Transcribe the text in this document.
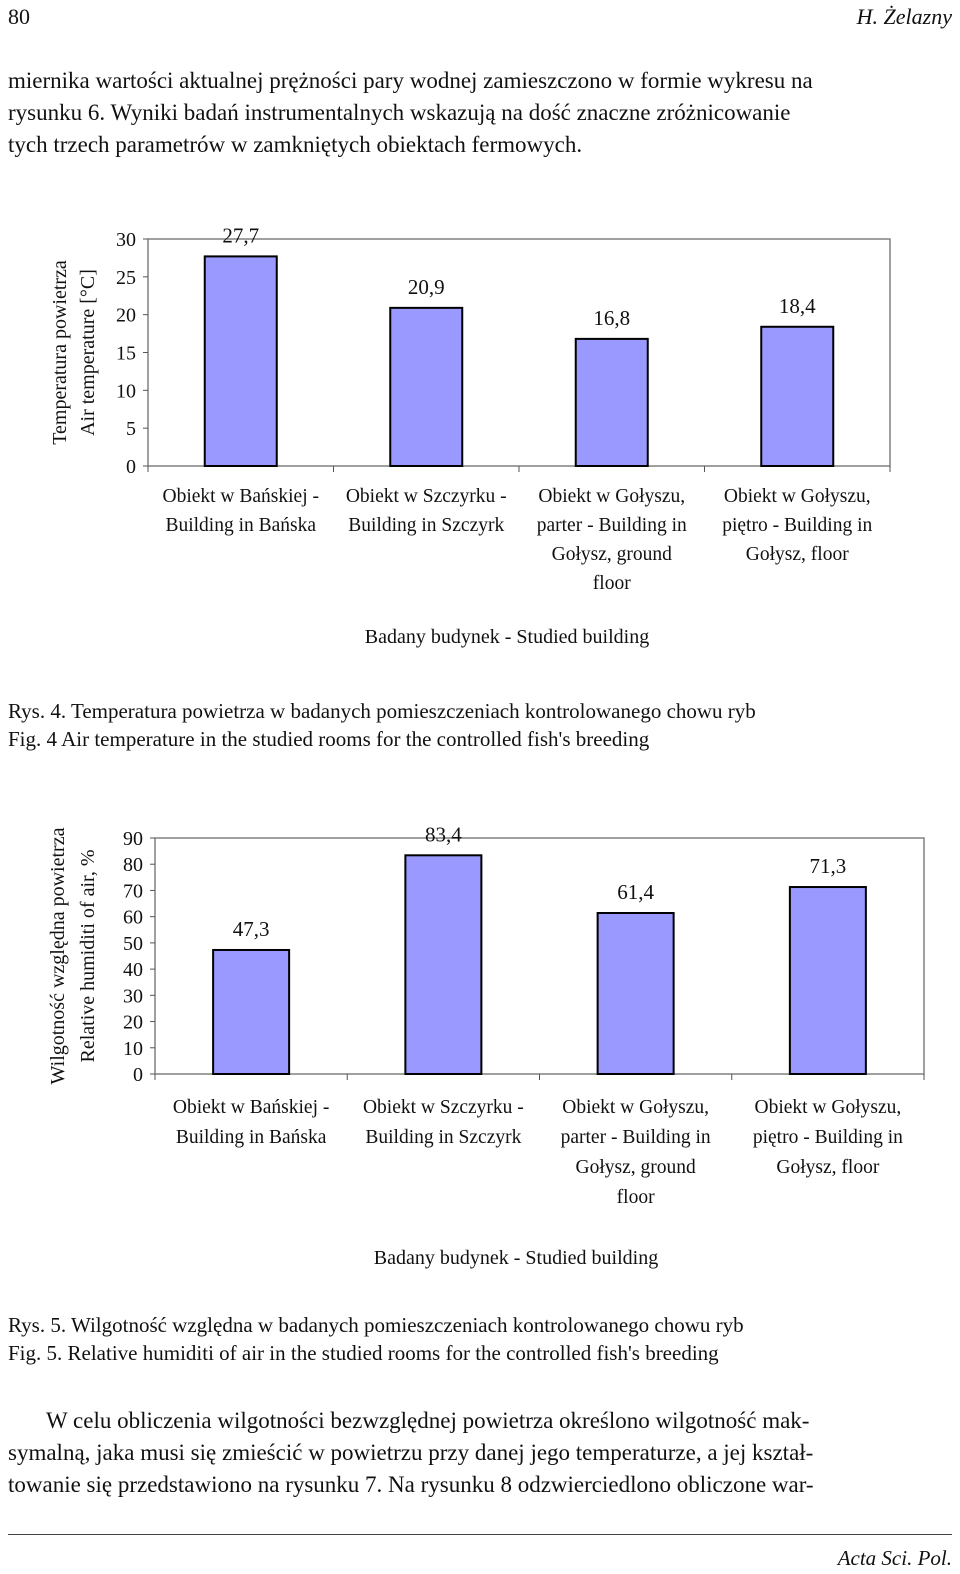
80	H. Żelazny
miernika wartości aktualnej prężności pary wodnej zamieszczono w formie wykresu na
rysunku 6. Wyniki badań instrumentalnych wskazują na dość znaczne zróżnicowanie
tych trzech parametrów w zamkniętych obiektach fermowych.
0
5
10
15
20
25
30
Temperatura powietrza Air temperature [°C]
27,7
Obiekt w Bańskiej -
Building in Bańska
20,9
Obiekt w Szczyrku -
Building in Szczyrk
16,8
Obiekt w Gołyszu,
parter - Building in
Gołysz, ground
floor
18,4
Obiekt w Gołyszu,
piętro - Building in
Gołysz, floor
Badany budynek - Studied building
Rys. 4. Temperatura powietrza w badanych pomieszczeniach kontrolowanego chowu ryb
Fig. 4 Air temperature in the studied rooms for the controlled fish's breeding
0
10
20
30
40
50
60
70
80
90
Wilgotność względna powietrza Relative humiditi of air, %	47,3
Obiekt w Bańskiej -
Building in Bańska
83,4
Obiekt w Szczyrku -
Building in Szczyrk
61,4
Obiekt w Gołyszu,
parter - Building in
Gołysz, ground
floor
71,3
Obiekt w Gołyszu,
piętro - Building in
Gołysz, floor
Badany budynek - Studied building
Rys. 5. Wilgotność względna w badanych pomieszczeniach kontrolowanego chowu ryb
Fig. 5. Relative humiditi of air in the studied rooms for the controlled fish's breeding
W celu obliczenia wilgotności bezwzględnej powietrza określono wilgotność mak-
symalną, jaka musi się zmieścić w powietrzu przy danej jego temperaturze, a jej kształ-
towanie się przedstawiono na rysunku 7. Na rysunku 8 odzwierciedlono obliczone war-
Acta Sci. Pol.
